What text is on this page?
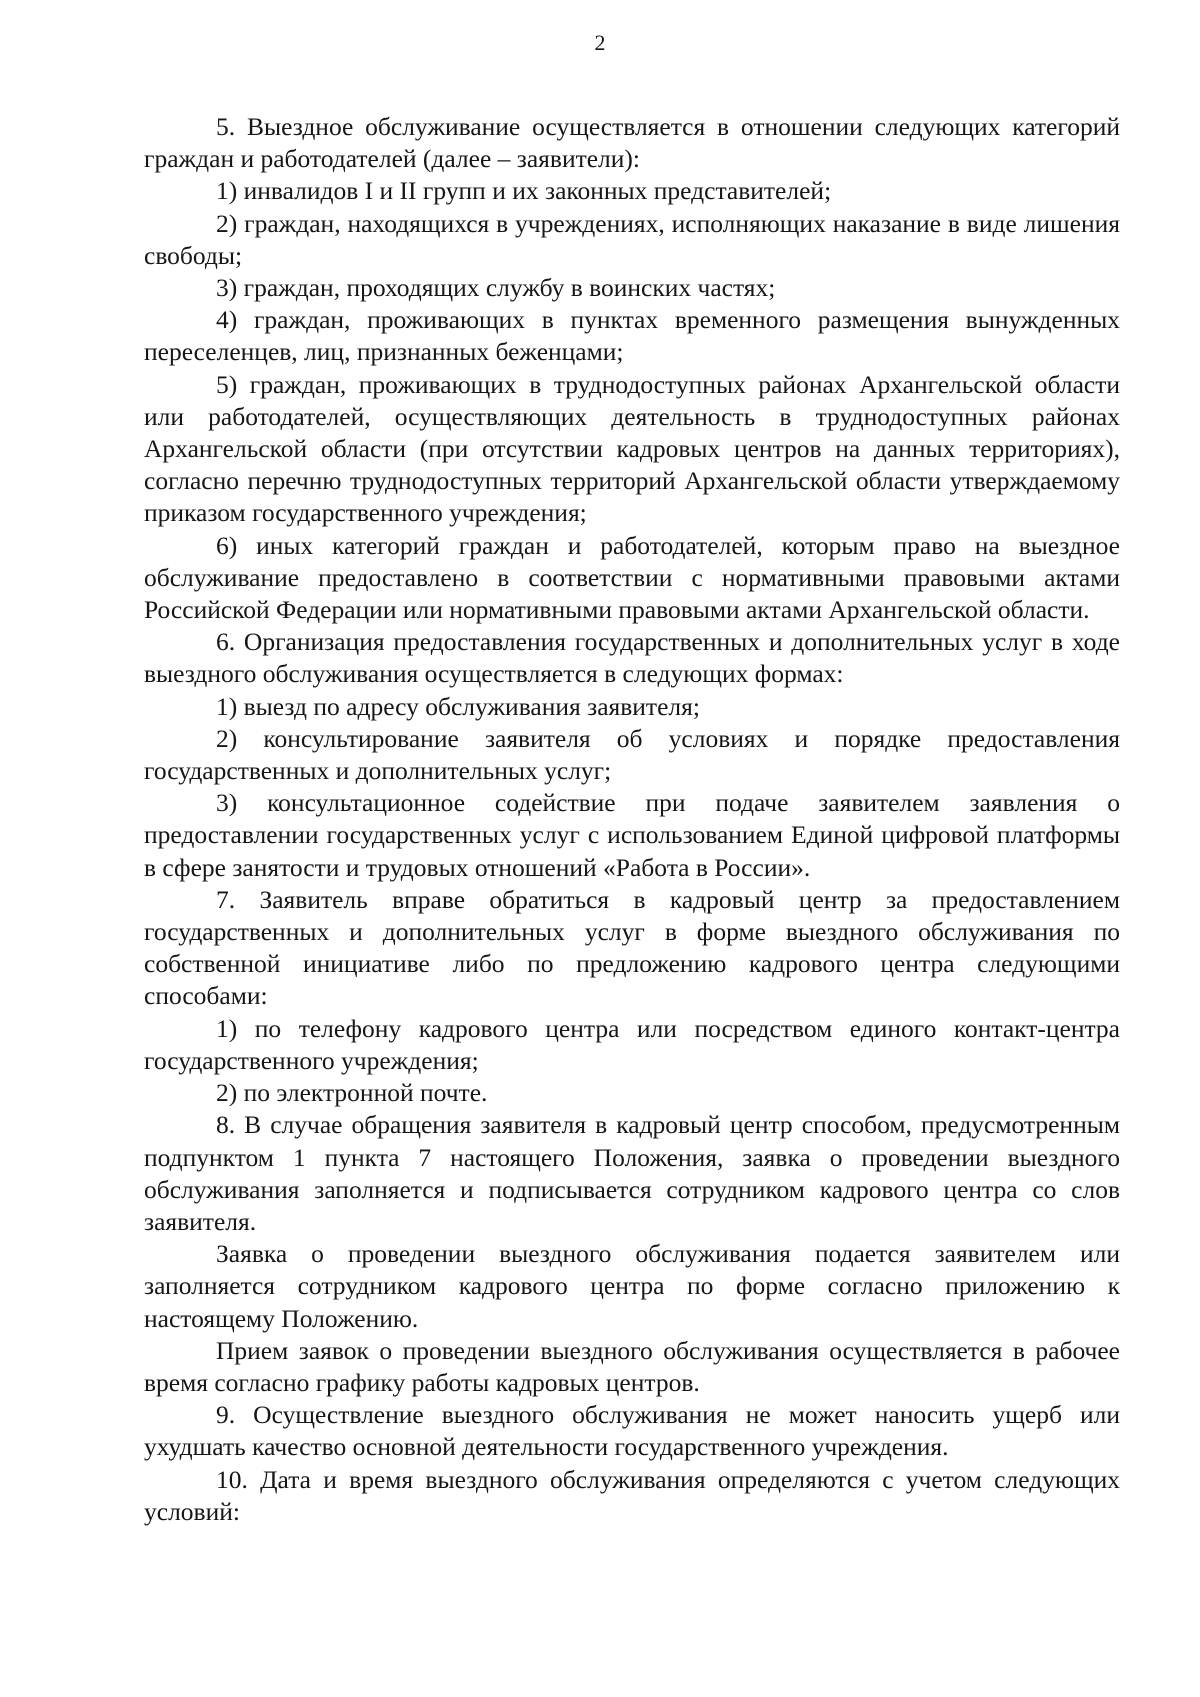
2

5. Выездное обслуживание осуществляется в отношении следующих категорий граждан и работодателей (далее – заявители):

1) инвалидов I и II групп и их законных представителей;

2) граждан, находящихся в учреждениях, исполняющих наказание в виде лишения свободы;

3) граждан, проходящих службу в воинских частях;

4) граждан, проживающих в пунктах временного размещения вынужденных переселенцев, лиц, признанных беженцами;

5) граждан, проживающих в труднодоступных районах Архангельской области или работодателей, осуществляющих деятельность в труднодоступных районах Архангельской области (при отсутствии кадровых центров на данных территориях), согласно перечню труднодоступных территорий Архангельской области утверждаемому приказом государственного учреждения;

6) иных категорий граждан и работодателей, которым право на выездное обслуживание предоставлено в соответствии с нормативными правовыми актами Российской Федерации или нормативными правовыми актами Архангельской области.

6. Организация предоставления государственных и дополнительных услуг в ходе выездного обслуживания осуществляется в следующих формах:

1) выезд по адресу обслуживания заявителя;

2) консультирование заявителя об условиях и порядке предоставления государственных и дополнительных услуг;

3) консультационное содействие при подаче заявителем заявления о предоставлении государственных услуг с использованием Единой цифровой платформы в сфере занятости и трудовых отношений «Работа в России».

7. Заявитель вправе обратиться в кадровый центр за предоставлением государственных и дополнительных услуг в форме выездного обслуживания по собственной инициативе либо по предложению кадрового центра следующими способами:

1) по телефону кадрового центра или посредством единого контакт-центра государственного учреждения;

2) по электронной почте.

8. В случае обращения заявителя в кадровый центр способом, предусмотренным подпунктом 1 пункта 7 настоящего Положения, заявка о проведении выездного обслуживания заполняется и подписывается сотрудником кадрового центра со слов заявителя.

Заявка о проведении выездного обслуживания подается заявителем или заполняется сотрудником кадрового центра по форме согласно приложению к настоящему Положению.

Прием заявок о проведении выездного обслуживания осуществляется в рабочее время согласно графику работы кадровых центров.

9. Осуществление выездного обслуживания не может наносить ущерб или ухудшать качество основной деятельности государственного учреждения.

10. Дата и время выездного обслуживания определяются с учетом следующих условий:
